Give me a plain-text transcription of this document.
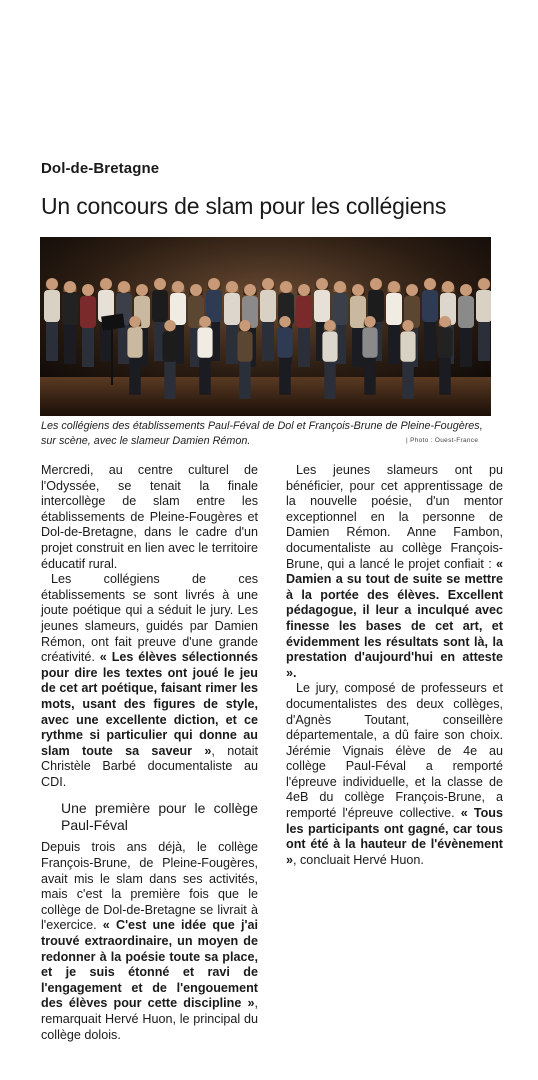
Dol-de-Bretagne
Un concours de slam pour les collégiens
Les collégiens des établissements Paul-Féval de Dol et François-Brune de Pleine-Fougères, sur scène, avec le slameur Damien Rémon.	| Photo : Ouest-France

Mercredi, au centre culturel de l'Odyssée, se tenait la finale intercollège de slam entre les établissements de Pleine-Fougères et Dol-de-Bretagne, dans le cadre d'un projet construit en lien avec le territoire éducatif rural.

Les collégiens de ces établissements se sont livrés à une joute poétique qui a séduit le jury. Les jeunes slameurs, guidés par Damien Rémon, ont fait preuve d'une grande créativité. « Les élèves sélectionnés pour dire les textes ont joué le jeu de cet art poétique, faisant rimer les mots, usant des figures de style, avec une excellente diction, et ce rythme si particulier qui donne au slam toute sa saveur », notait Christèle Barbé documentaliste au CDI.

Une première pour le collège Paul-Féval

Depuis trois ans déjà, le collège François-Brune, de Pleine-Fougères, avait mis le slam dans ses activités, mais c'est la première fois que le collège de Dol-de-Bretagne se livrait à l'exercice. « C'est une idée que j'ai trouvé extraordinaire, un moyen de redonner à la poésie toute sa place, et je suis étonné et ravi de l'engagement et de l'engouement des élèves pour cette discipline », remarquait Hervé Huon, le principal du collège dolois.

Les jeunes slameurs ont pu bénéficier, pour cet apprentissage de la nouvelle poésie, d'un mentor exceptionnel en la personne de Damien Rémon. Anne Fambon, documentaliste au collège François-Brune, qui a lancé le projet confiait : « Damien a su tout de suite se mettre à la portée des élèves. Excellent pédagogue, il leur a inculqué avec finesse les bases de cet art, et évidemment les résultats sont là, la prestation d'aujourd'hui en atteste ».

Le jury, composé de professeurs et documentalistes des deux collèges, d'Agnès Toutant, conseillère départementale, a dû faire son choix. Jérémie Vignais élève de 4e au collège Paul-Féval a remporté l'épreuve individuelle, et la classe de 4eB du collège François-Brune, a remporté l'épreuve collective. « Tous les participants ont gagné, car tous ont été à la hauteur de l'évènement », concluait Hervé Huon.
